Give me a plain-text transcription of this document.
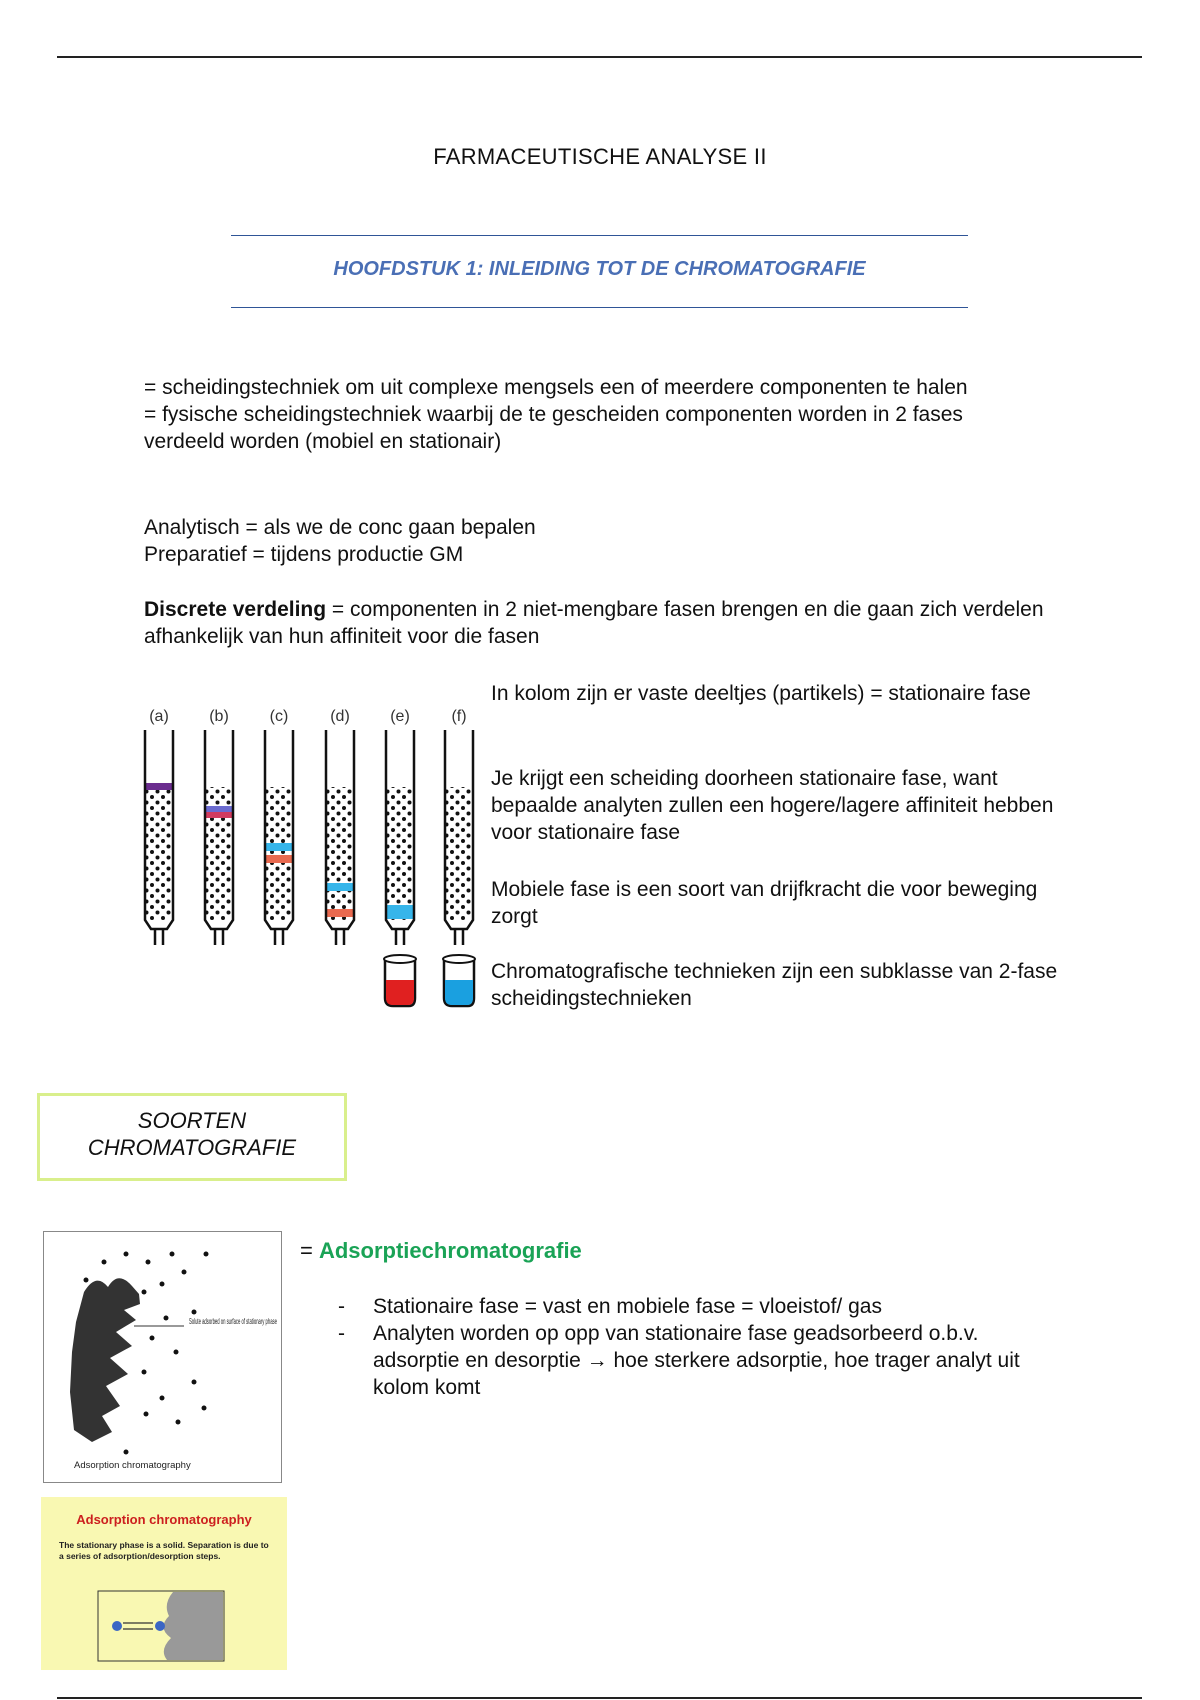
FARMACEUTISCHE ANALYSE II
HOOFDSTUK 1: INLEIDING TOT DE CHROMATOGRAFIE

= scheidingstechniek om uit complexe mengsels een of meerdere componenten te halen

= fysische scheidingstechniek waarbij de te gescheiden componenten worden in 2 fases verdeeld worden (mobiel en stationair)

Analytisch = als we de conc gaan bepalen

Preparatief = tijdens productie GM

Discrete verdeling = componenten in 2 niet-mengbare fasen brengen en die gaan zich verdelen afhankelijk van hun affiniteit voor die fasen

(a)	(b)	(c)	(d)	(e)	(f)
In kolom zijn er vaste deeltjes (partikels) = stationaire fase
Je krijgt een scheiding doorheen stationaire fase, want bepaalde analyten zullen een hogere/lagere affiniteit hebben voor stationaire fase
Mobiele fase is een soort van drijfkracht die voor beweging zorgt
Chromatografische technieken zijn een subklasse van 2-fase scheidingstechnieken
SOORTEN
CHROMATOGRAFIE
Solute adsorbed on surface of stationary phase
Adsorption chromatography
Adsorption chromatography
The stationary phase is a solid. Separation is due to a series of adsorption/desorption steps.
= Adsorptiechromatografie
- Stationaire fase = vast en mobiele fase = vloeistof/ gas
- Analyten worden op opp van stationaire fase geadsorbeerd o.b.v. adsorptie en desorptie → hoe sterkere adsorptie, hoe trager analyt uit kolom komt
